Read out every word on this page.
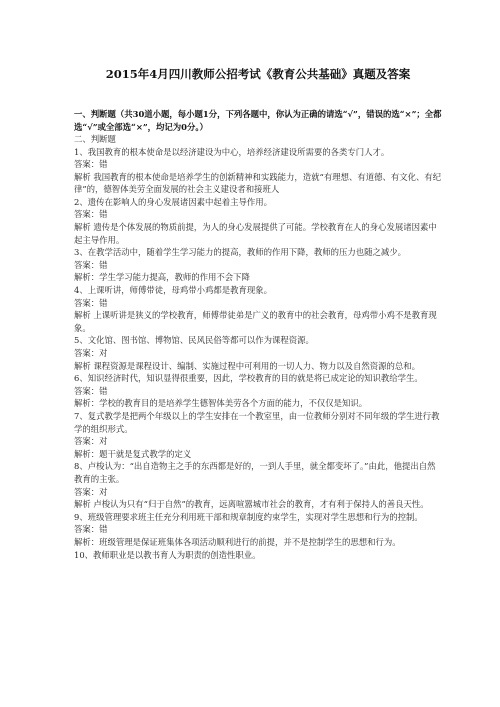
2015年4月四川教师公招考试《教育公共基础》真题及答案
一、判断题（共30道小题，每小题1分，下列各题中，你认为正确的请选“√”，错误的选“×”；全都选“√”或全部选“×”，均记为0分。）
二、判断题
1、我国教育的根本使命是以经济建设为中心，培养经济建设所需要的各类专门人才。
答案：错
解析 我国教育的根本使命是培养学生的创新精神和实践能力，造就“有理想、有道德、有文化、有纪律”的，德智体美劳全面发展的社会主义建设者和接班人
2、遗传在影响人的身心发展诸因素中起着主导作用。
答案：错
解析 遗传是个体发展的物质前提，为人的身心发展提供了可能。学校教育在人的身心发展诸因素中起主导作用。
3、在教学活动中，随着学生学习能力的提高，教师的作用下降，教师的压力也随之减少。
答案：错
解析：学生学习能力提高，教师的作用不会下降
4、上课听讲，师傅带徒，母鸡带小鸡都是教育现象。
答案：错
解析 上课听讲是狭义的学校教育，师傅带徒弟是广义的教育中的社会教育，母鸡带小鸡不是教育现象。
5、文化馆、图书馆、博物馆、民风民俗等都可以作为课程资源。
答案：对
解析 课程资源是课程设计、编制、实施过程中可利用的一切人力、物力以及自然资源的总和。
6、知识经济时代，知识显得很重要，因此，学校教育的目的就是将已成定论的知识教给学生。
答案：错
解析：学校的教育目的是培养学生德智体美劳各个方面的能力，不仅仅是知识。
7、复式教学是把两个年级以上的学生安排在一个教室里，由一位教师分别对不同年级的学生进行教学的组织形式。
答案：对
解析：题干就是复式教学的定义
8、卢梭认为：“出自造物主之手的东西都是好的，一到人手里，就全都变坏了。”由此，他提出自然教育的主张。
答案：对
解析 卢梭认为只有“归于自然”的教育，远离喧嚣城市社会的教育，才有利于保持人的善良天性。
9、班级管理要求班主任充分利用班干部和规章制度约束学生，实现对学生思想和行为的控制。
答案：错
解析：班级管理是保证班集体各项活动顺利进行的前提，并不是控制学生的思想和行为。
10、教师职业是以教书育人为职责的创造性职业。
